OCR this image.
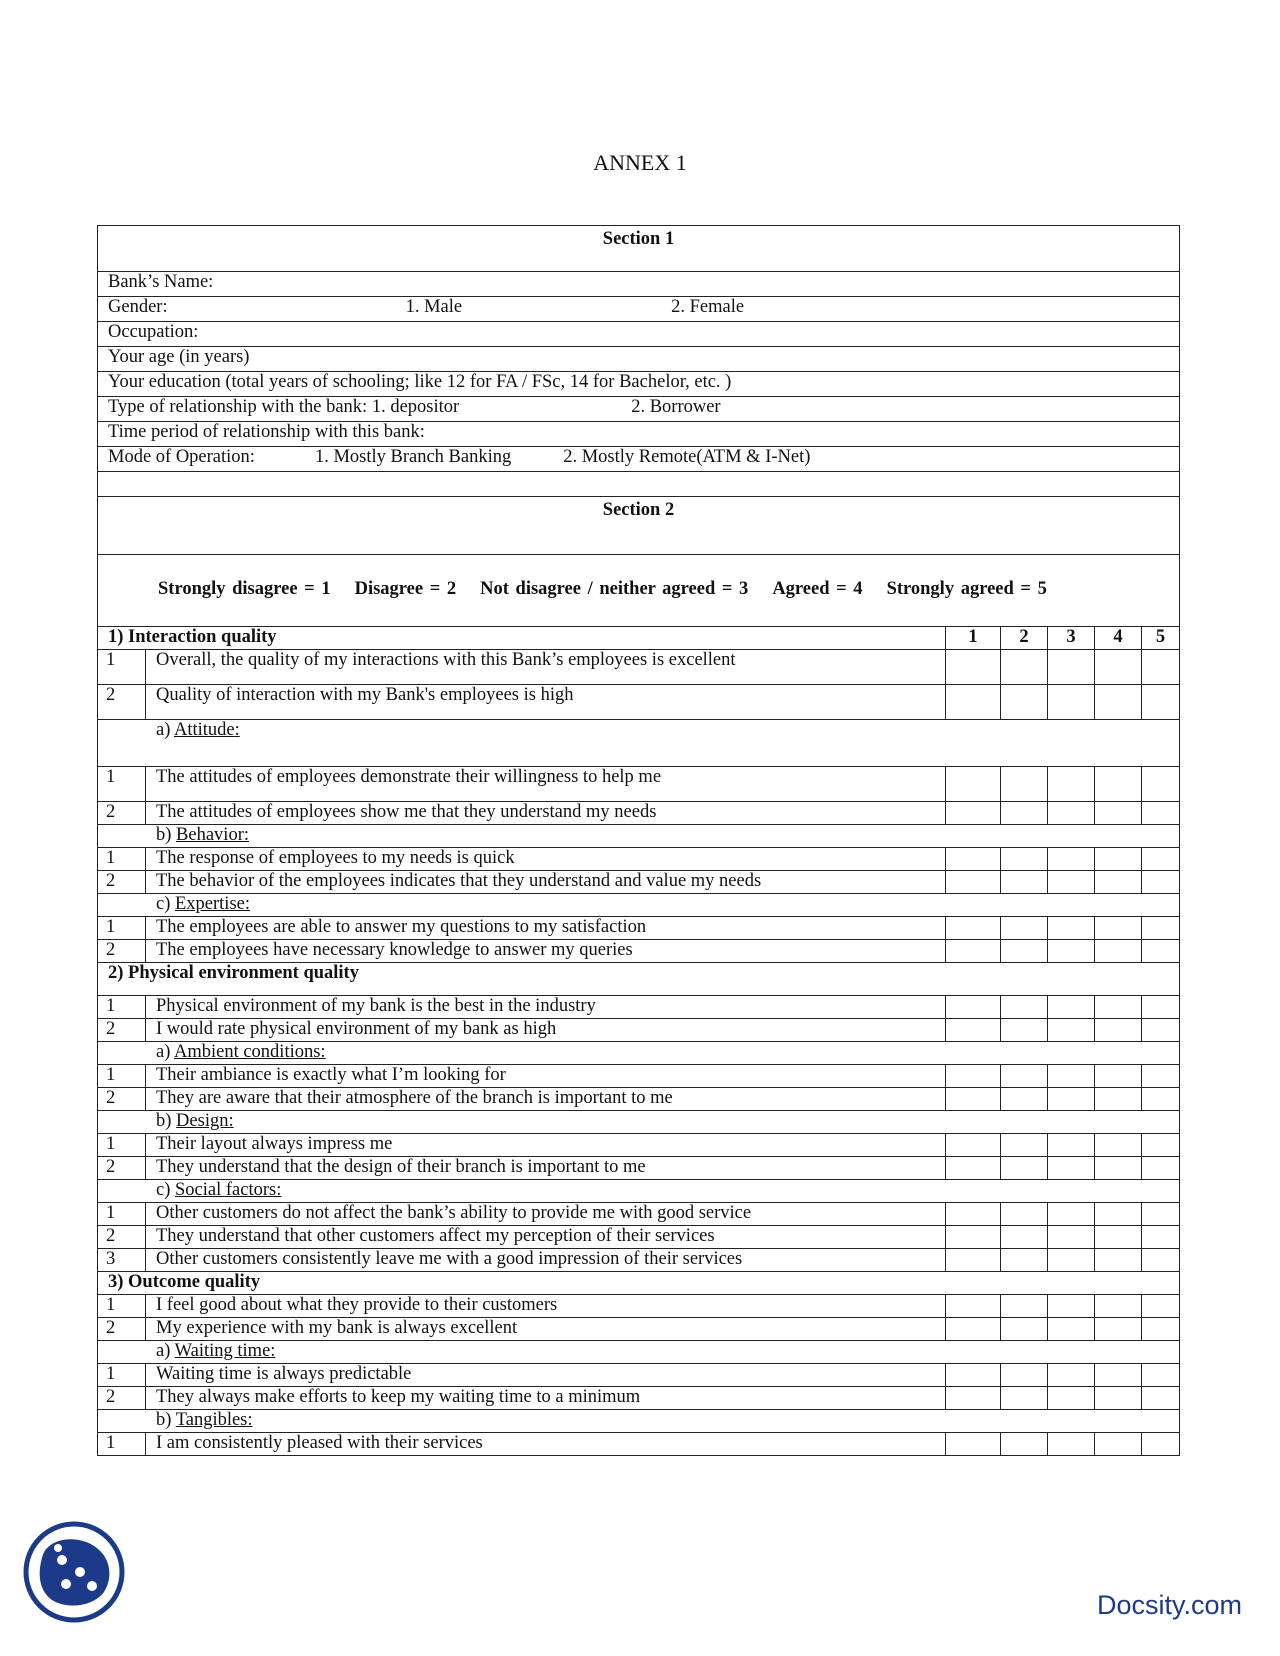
ANNEX 1
Section 1						
Bank’s Name:						
Gender: 1. Male 2. Female						
Occupation:						
Your age (in years)						
Your education (total years of schooling; like 12 for FA / FSc, 14 for Bachelor, etc. )						
Type of relationship with the bank: 1. depositor 2. Borrower						
Time period of relationship with this bank:						
Mode of Operation: 1. Mostly Branch Banking 2. Mostly Remote(ATM & I-Net)						

Section 2						
Strongly disagree = 1 Disagree = 2 Not disagree / neither agreed = 3 Agreed = 4 Strongly agreed = 5						
1) Interaction quality		1	2	3	4	5
1	Overall, the quality of my interactions with this Bank’s employees is excellent					
2	Quality of interaction with my Bank's employees is high					
a) Attitude:						
1	The attitudes of employees demonstrate their willingness to help me					
2	The attitudes of employees show me that they understand my needs					
b) Behavior:						
1	The response of employees to my needs is quick					
2	The behavior of the employees indicates that they understand and value my needs					
c) Expertise:						
1	The employees are able to answer my questions to my satisfaction					
2	The employees have necessary knowledge to answer my queries					
2) Physical environment quality						
1	Physical environment of my bank is the best in the industry					
2	I would rate physical environment of my bank as high					
a) Ambient conditions:						
1	Their ambiance is exactly what I’m looking for					
2	They are aware that their atmosphere of the branch is important to me					
b) Design:						
1	Their layout always impress me					
2	They understand that the design of their branch is important to me					
c) Social factors:						
1	Other customers do not affect the bank’s ability to provide me with good service					
2	They understand that other customers affect my perception of their services					
3	Other customers consistently leave me with a good impression of their services					
3) Outcome quality						
1	I feel good about what they provide to their customers					
2	My experience with my bank is always excellent					
a) Waiting time:						
1	Waiting time is always predictable					
2	They always make efforts to keep my waiting time to a minimum					
b) Tangibles:						
1	I am consistently pleased with their services					
Docsity.com
